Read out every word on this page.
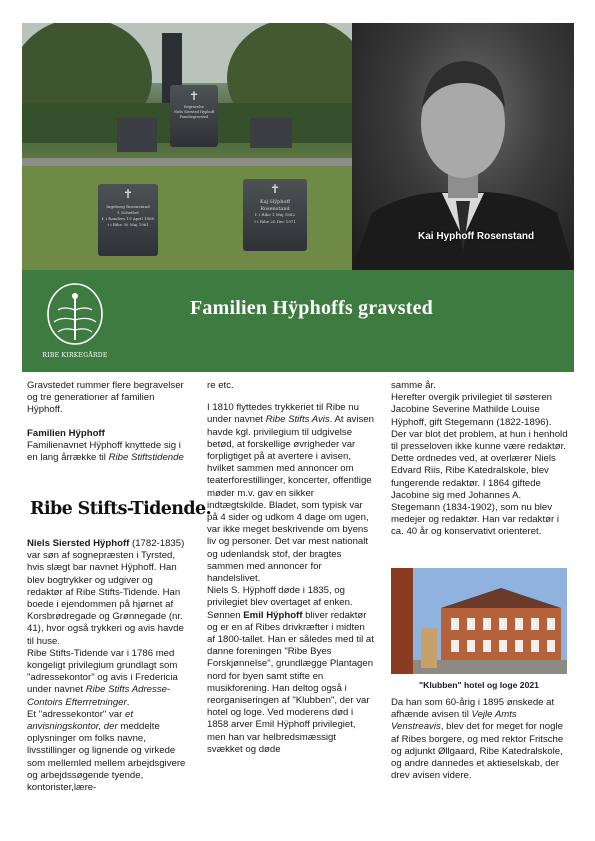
✝
Begravelse
Niels Siersted Hÿphoff
Familiegravsted
✝
Ingeborg Rosenstand
f. Scheibel
f. i Randers 19 April 1889
† i Ribe 30 Maj 1961
✝
Kaj Hÿphoff
Rosenstand
f. i Ribe 1 Maj 1882
† i Ribe 20 Dec 1971
Kai Hyphoff Rosenstand
RIBE KIRKEGÅRDE
Familien Hÿphoffs gravsted

Gravstedet rummer flere begravelser og tre generationer af familien Hÿphoff.

Familien Hÿphoff

Familienavnet Hÿphoff knyttede sig i en lang årrække til Ribe Stiftstidende

Ribe Stifts-Tidende.

Niels Siersted Hÿphoff (1782-1835) var søn af sognepræsten i Tyrsted, hvis slægt bar navnet Hÿphoff. Han blev bogtrykker og udgiver og redaktør af Ribe Stifts-Tidende. Han boede i ejendommen på hjørnet af Korsbrødregade og Grønnegade (nr. 41), hvor også trykkeri og avis havde til huse.

Ribe Stifts-Tidende var i 1786 med kongeligt privilegium grundlagt som "adressekontor" og avis i Fredericia under navnet Ribe Stifts Adresse-Contoirs Efterrretninger.

Et "adressekontor" var et anvisningskontor, der meddelte oplysninger om folks navne, livsstillinger og lignende og virkede som mellemled mellem arbejdsgivere og arbejdssøgende tyende, kontorister,lære-

re etc.

I 1810 flyttedes trykkeriet til Ribe nu under navnet Ribe Stifts Avis. At avisen havde kgl. privilegium til udgivelse betød, at forskellige øvrigheder var forpligtiget på at avertere i avisen, hvilket sammen med annoncer om teaterforestillinger, koncerter, offentlige møder m.v. gav en sikker indtægtskilde. Bladet, som typisk var på 4 sider og udkom 4 dage om ugen, var ikke meget beskrivende om byens liv og personer. Det var mest nationalt og udenlandsk stof, der bragtes sammen med annoncer for handelslivet.

Niels S. Hÿphoff døde i 1835, og privilegiet blev overtaget af enken. Sønnen Emil Hÿphoff bliver redaktør og er en af Ribes drivkræfter i midten af 1800-tallet. Han er således med til at danne foreningen "Ribe Byes Forskjønnelse", grundlægge Plantagen nord for byen samt stifte en musikforening. Han deltog også i reorganiseringen af "Klubben", der var hotel og loge. Ved moderens død i 1858 arver Emil Hÿphoff privilegiet, men han var helbredsmæssigt svækket og døde

samme år.

Herefter overgik privilegiet til søsteren Jacobine Severine Mathilde Louise Hÿphoff, gift Stegemann (1822-1896). Der var blot det problem, at hun i henhold til presseloven ikke kunne være redaktør. Dette ordnedes ved, at overlærer Niels Edvard Riis, Ribe Katedralskole, blev fungerende redaktør. I 1864 giftede Jacobine sig med Johannes A. Stegemann (1834-1902), som nu blev medejer og redaktør. Han var redaktør i ca. 40 år og konservativt orienteret.

"Klubben" hotel og loge 2021

Da han som 60-årig i 1895 ønskede at afhænde avisen til Vejle Amts Venstreavis, blev det for meget for nogle af Ribes borgere, og med rektor Fritsche og adjunkt Øllgaard, Ribe Katedralskole, og andre dannedes et aktieselskab, der drev avisen videre.
